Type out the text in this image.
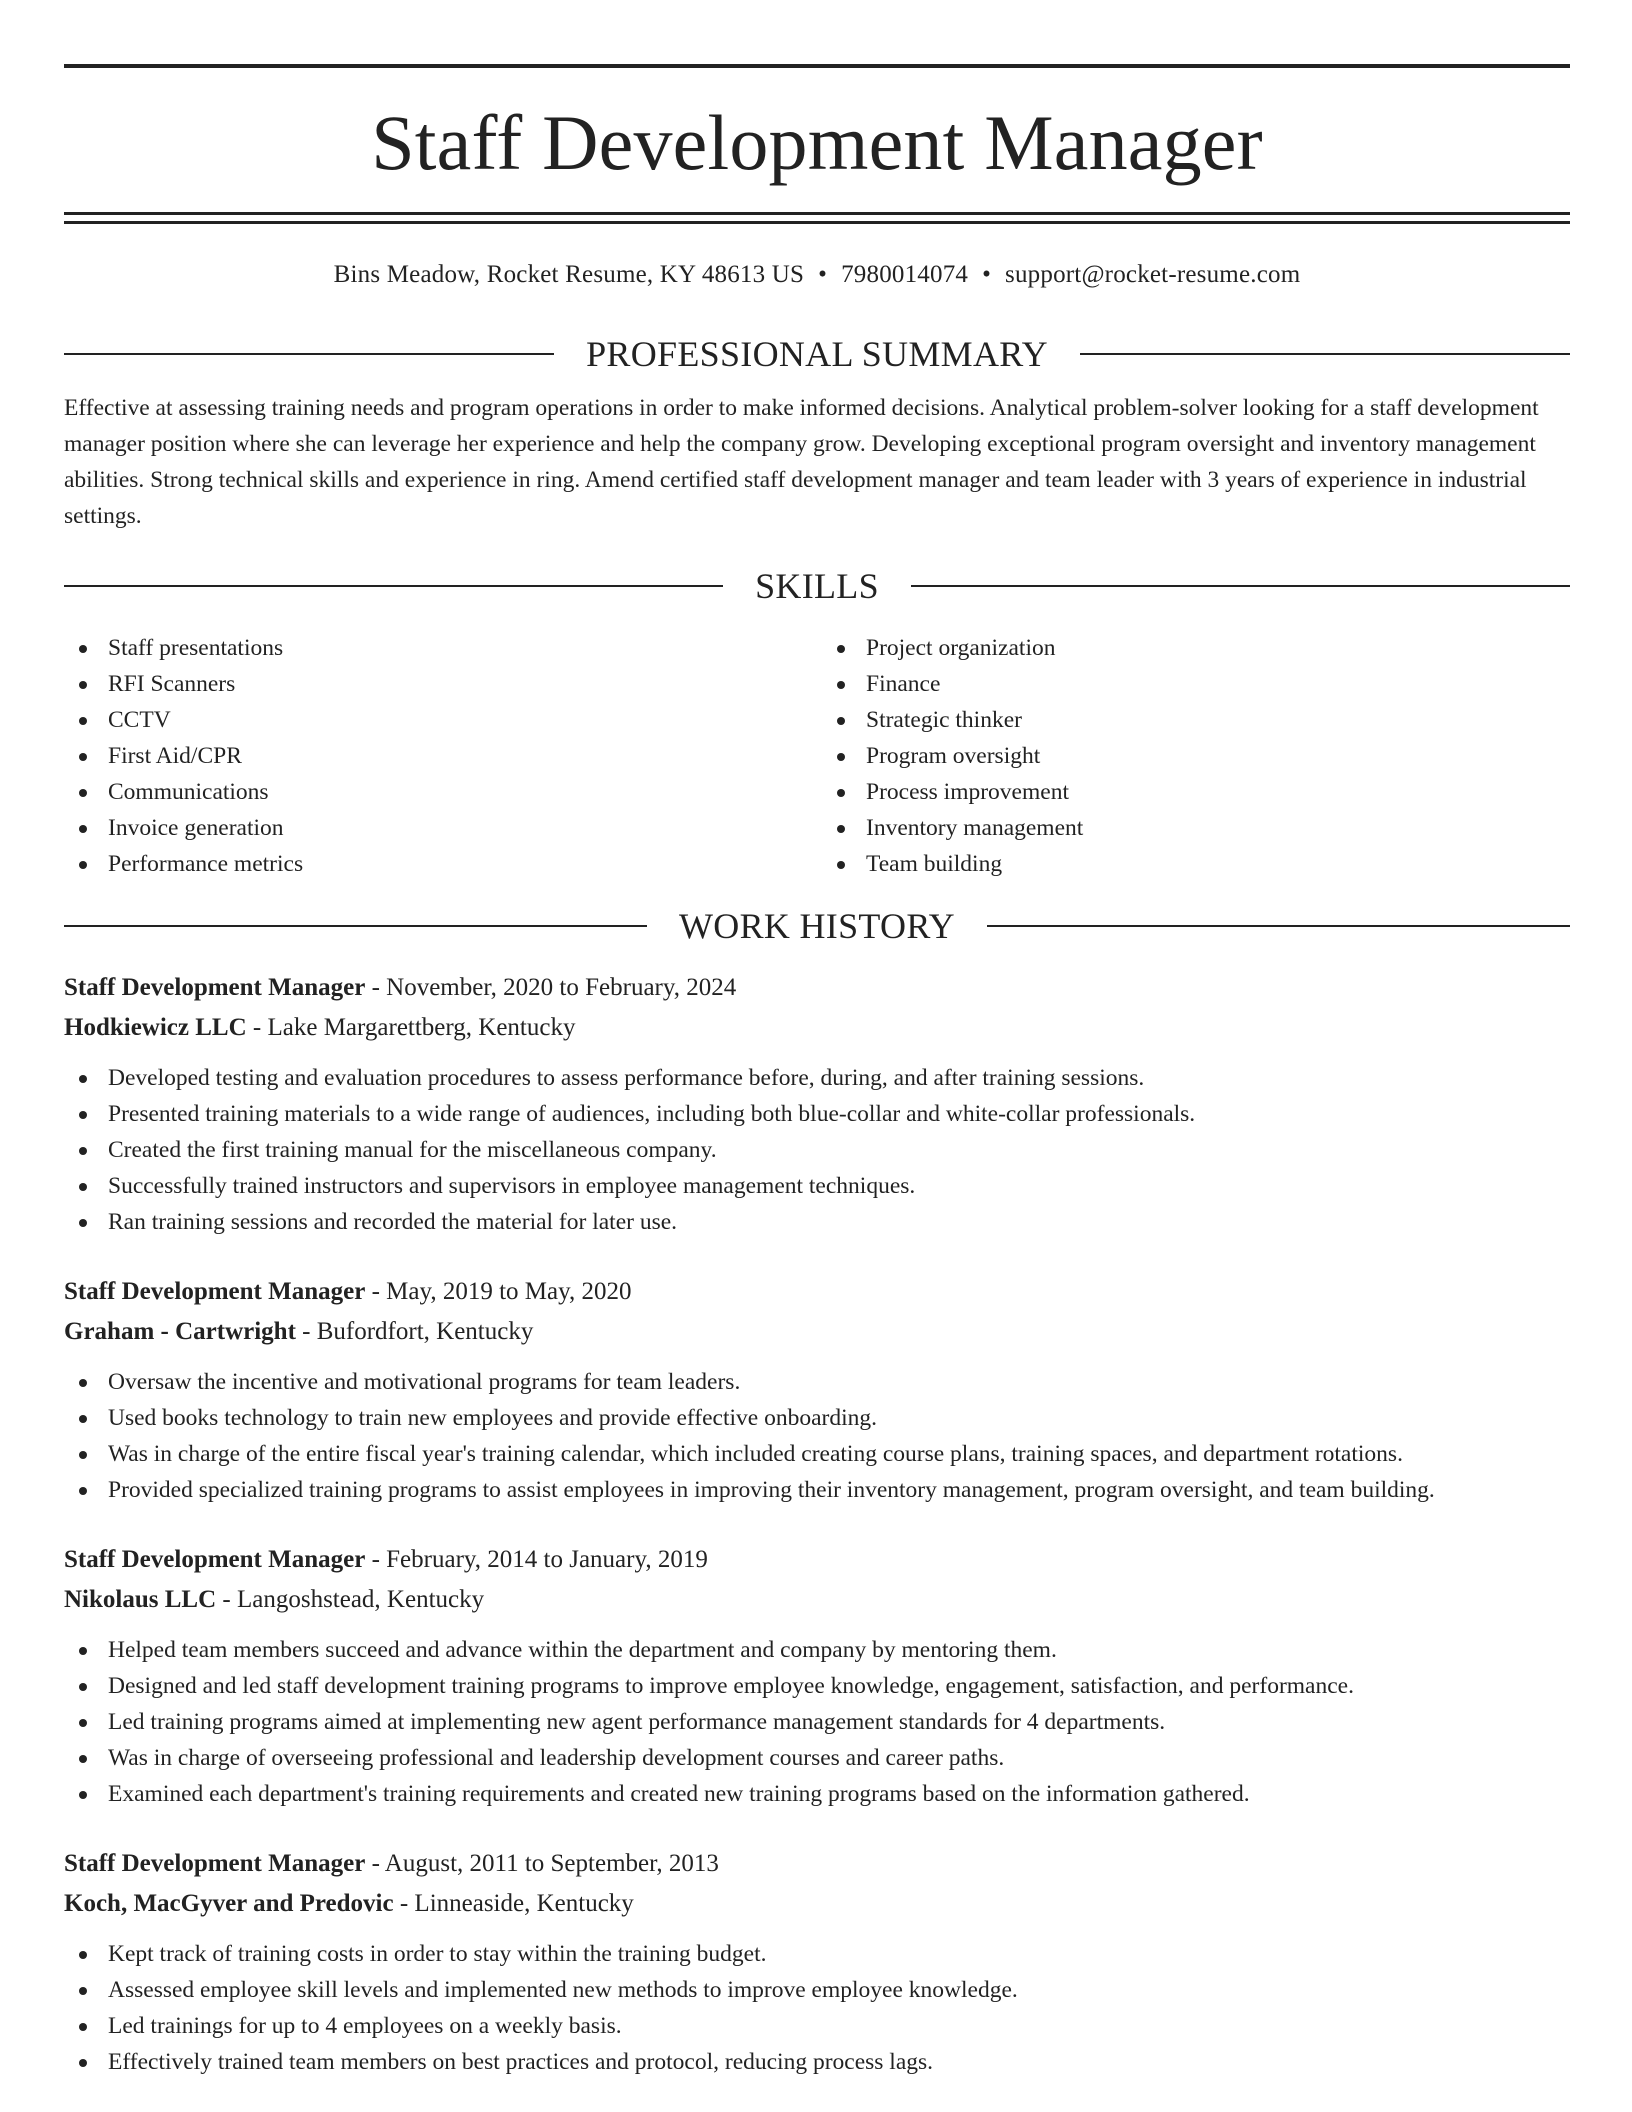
Staff Development Manager
Bins Meadow, Rocket Resume, KY 48613 US • 7980014074 • support@rocket-resume.com
PROFESSIONAL SUMMARY

Effective at assessing training needs and program operations in order to make informed decisions. Analytical problem-solver looking for a staff development manager position where she can leverage her experience and help the company grow. Developing exceptional program oversight and inventory management abilities. Strong technical skills and experience in ring. Amend certified staff development manager and team leader with 3 years of experience in industrial settings.

SKILLS
Staff presentations
RFI Scanners
CCTV
First Aid/CPR
Communications
Invoice generation
Performance metrics
Project organization
Finance
Strategic thinker
Program oversight
Process improvement
Inventory management
Team building
WORK HISTORY
Staff Development Manager - November, 2020 to February, 2024
Hodkiewicz LLC - Lake Margarettberg, Kentucky
Developed testing and evaluation procedures to assess performance before, during, and after training sessions.
Presented training materials to a wide range of audiences, including both blue-collar and white-collar professionals.
Created the first training manual for the miscellaneous company.
Successfully trained instructors and supervisors in employee management techniques.
Ran training sessions and recorded the material for later use.
Staff Development Manager - May, 2019 to May, 2020
Graham - Cartwright - Bufordfort, Kentucky
Oversaw the incentive and motivational programs for team leaders.
Used books technology to train new employees and provide effective onboarding.
Was in charge of the entire fiscal year's training calendar, which included creating course plans, training spaces, and department rotations.
Provided specialized training programs to assist employees in improving their inventory management, program oversight, and team building.
Staff Development Manager - February, 2014 to January, 2019
Nikolaus LLC - Langoshstead, Kentucky
Helped team members succeed and advance within the department and company by mentoring them.
Designed and led staff development training programs to improve employee knowledge, engagement, satisfaction, and performance.
Led training programs aimed at implementing new agent performance management standards for 4 departments.
Was in charge of overseeing professional and leadership development courses and career paths.
Examined each department's training requirements and created new training programs based on the information gathered.
Staff Development Manager - August, 2011 to September, 2013
Koch, MacGyver and Predovic - Linneaside, Kentucky
Kept track of training costs in order to stay within the training budget.
Assessed employee skill levels and implemented new methods to improve employee knowledge.
Led trainings for up to 4 employees on a weekly basis.
Effectively trained team members on best practices and protocol, reducing process lags.
